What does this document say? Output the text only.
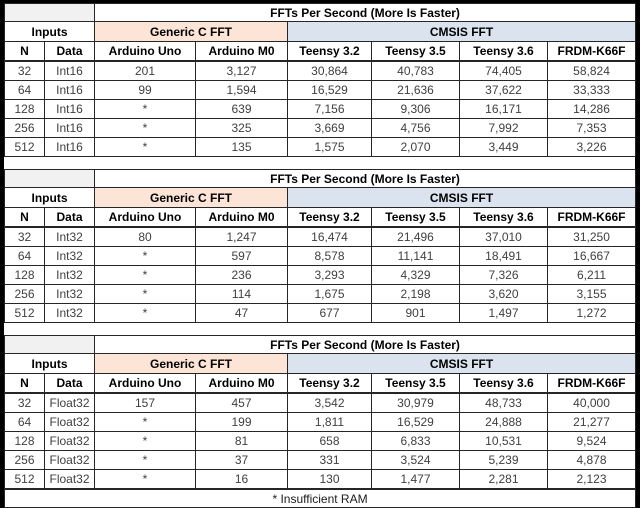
		FFTs Per Second (More Is Faster)					
Inputs		Generic C FFT		CMSIS FFT			
N	Data	Arduino Uno	Arduino M0	Teensy 3.2	Teensy 3.5	Teensy 3.6	FRDM-K66F
32	Int16	201	3,127	30,864	40,783	74,405	58,824
64	Int16	99	1,594	16,529	21,636	37,622	33,333
128	Int16	*	639	7,156	9,306	16,171	14,286
256	Int16	*	325	3,669	4,756	7,992	7,353
512	Int16	*	135	1,575	2,070	3,449	3,226
		FFTs Per Second (More Is Faster)					
Inputs		Generic C FFT		CMSIS FFT			
N	Data	Arduino Uno	Arduino M0	Teensy 3.2	Teensy 3.5	Teensy 3.6	FRDM-K66F
32	Int32	80	1,247	16,474	21,496	37,010	31,250
64	Int32	*	597	8,578	11,141	18,491	16,667
128	Int32	*	236	3,293	4,329	7,326	6,211
256	Int32	*	114	1,675	2,198	3,620	3,155
512	Int32	*	47	677	901	1,497	1,272
		FFTs Per Second (More Is Faster)					
Inputs		Generic C FFT		CMSIS FFT			
N	Data	Arduino Uno	Arduino M0	Teensy 3.2	Teensy 3.5	Teensy 3.6	FRDM-K66F
32	Float32	157	457	3,542	30,979	48,733	40,000
64	Float32	*	199	1,811	16,529	24,888	21,277
128	Float32	*	81	658	6,833	10,531	9,524
256	Float32	*	37	331	3,524	5,239	4,878
512	Float32	*	16	130	1,477	2,281	2,123
* Insufficient RAM							
